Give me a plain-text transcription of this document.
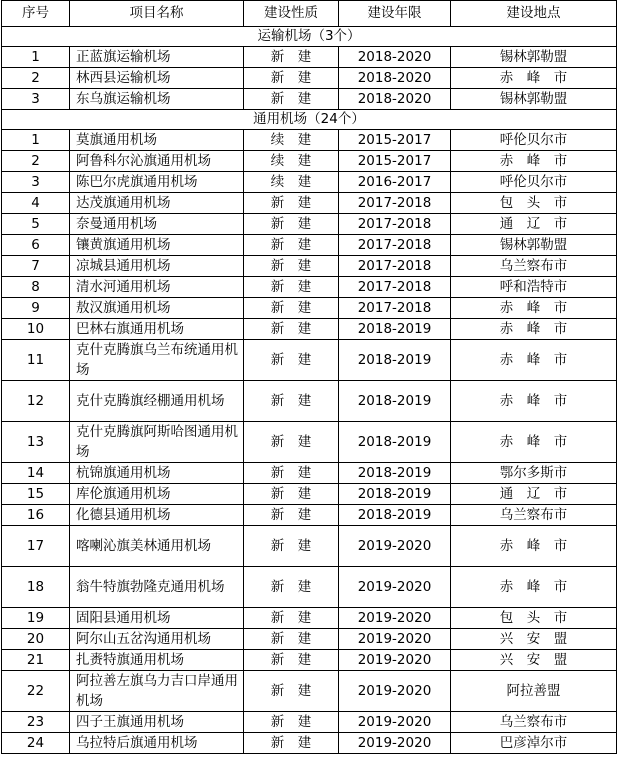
序号	项目名称	建设性质	建设年限	建设地点
运输机场（3个）				
1	正蓝旗运输机场	新　建	2018-2020	锡林郭勒盟
2	林西县运输机场	新　建	2018-2020	赤　峰　市
3	东乌旗运输机场	新　建	2018-2020	锡林郭勒盟
通用机场（24个）				
1	莫旗通用机场	续　建	2015-2017	呼伦贝尔市
2	阿鲁科尔沁旗通用机场	续　建	2015-2017	赤　峰　市
3	陈巴尔虎旗通用机场	续　建	2016-2017	呼伦贝尔市
4	达茂旗通用机场	新　建	2017-2018	包　头　市
5	奈曼通用机场	新　建	2017-2018	通　辽　市
6	镶黄旗通用机场	新　建	2017-2018	锡林郭勒盟
7	凉城县通用机场	新　建	2017-2018	乌兰察布市
8	清水河通用机场	新　建	2017-2018	呼和浩特市
9	敖汉旗通用机场	新　建	2017-2018	赤　峰　市
10	巴林右旗通用机场	新　建	2018-2019	赤　峰　市
11	克什克腾旗乌兰布统通用机场	新　建	2018-2019	赤　峰　市
12	克什克腾旗经棚通用机场	新　建	2018-2019	赤　峰　市
13	克什克腾旗阿斯哈图通用机场	新　建	2018-2019	赤　峰　市
14	杭锦旗通用机场	新　建	2018-2019	鄂尔多斯市
15	库伦旗通用机场	新　建	2018-2019	通　辽　市
16	化德县通用机场	新　建	2018-2019	乌兰察布市
17	喀喇沁旗美林通用机场	新　建	2019-2020	赤　峰　市
18	翁牛特旗勃隆克通用机场	新　建	2019-2020	赤　峰　市
19	固阳县通用机场	新　建	2019-2020	包　头　市
20	阿尔山五岔沟通用机场	新　建	2019-2020	兴　安　盟
21	扎赉特旗通用机场	新　建	2019-2020	兴　安　盟
22	阿拉善左旗乌力吉口岸通用机场	新　建	2019-2020	阿拉善盟
23	四子王旗通用机场	新　建	2019-2020	乌兰察布市
24	乌拉特后旗通用机场	新　建	2019-2020	巴彦淖尔市
